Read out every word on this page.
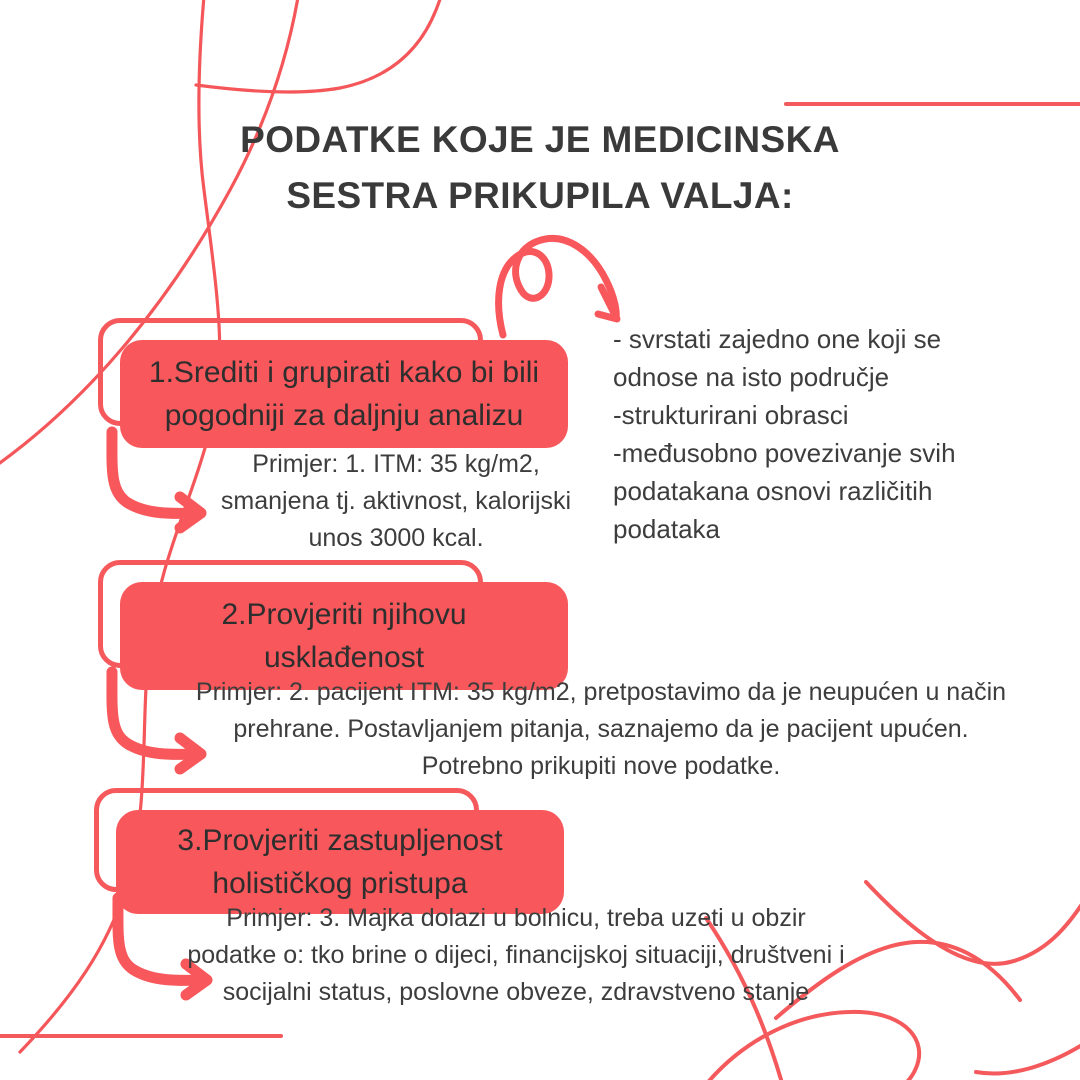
PODATKE KOJE JE MEDICINSKA
SESTRA PRIKUPILA VALJA:
1.Srediti i grupirati kako bi bili
pogodniji za daljnju analizu
Primjer: 1. ITM: 35 kg/m2, smanjena tj. aktivnost, kalorijski unos 3000 kcal.
2.Provjeriti njihovu
usklađenost
Primjer: 2. pacijent ITM: 35 kg/m2, pretpostavimo da je neupućen u način prehrane. Postavljanjem pitanja, saznajemo da je pacijent upućen. Potrebno prikupiti nove podatke.
3.Provjeriti zastupljenost
holističkog pristupa
Primjer: 3. Majka dolazi u bolnicu, treba uzeti u obzir podatke o: tko brine o dijeci, financijskoj situaciji, društveni i socijalni status, poslovne obveze, zdravstveno stanje
- svrstati zajedno one koji se
odnose na isto područje
-strukturirani obrasci
-međusobno povezivanje svih
podatakana osnovi različitih
podataka
